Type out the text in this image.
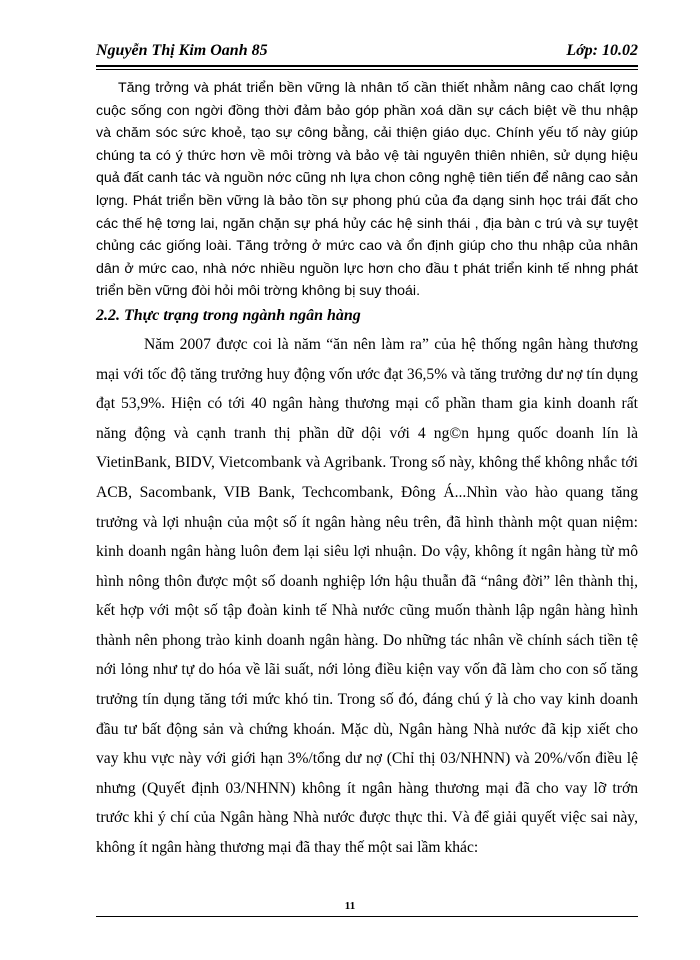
Nguyễn Thị Kim Oanh 85	Lớp: 10.02

Tăng trởng và phát triển bền vững là nhân tố cần thiết nhằm nâng cao chất lợng cuộc sống con ngời đồng thời đảm bảo góp phần xoá dần sự cách biệt về thu nhập và chăm sóc sức khoẻ, tạo sự công bằng, cải thiện giáo dục. Chính yếu tố này giúp chúng ta có ý thức hơn về môi trờng và bảo vệ tài nguyên thiên nhiên, sử dụng hiệu quả đất canh tác và nguồn nớc cũng nh lựa chon công nghệ tiên tiến để nâng cao sản lợng. Phát triển bền vững là bảo tồn sự phong phú của đa dạng sinh học trái đất cho các thế hệ tơng lai, ngăn chặn sự phá hủy các hệ sinh thái , địa bàn c trú và sự tuyệt chủng các giống loài. Tăng trởng ở mức cao và ổn định giúp cho thu nhập của nhân dân ở mức cao, nhà nớc nhiều nguồn lực hơn cho đầu t phát triển kinh tế nhng phát triển bền vững đòi hỏi môi trờng không bị suy thoái.

2.2. Thực trạng trong ngành ngân hàng

Năm 2007 được coi là năm “ăn nên làm ra” của hệ thống ngân hàng thương mại với tốc độ tăng trưởng huy động vốn ước đạt 36,5% và tăng trưởng dư nợ tín dụng đạt 53,9%. Hiện có tới 40 ngân hàng thương mại cổ phần tham gia kinh doanh rất năng động và cạnh tranh thị phần dữ dội với 4 ng©n hµng quốc doanh lín là VietinBank, BIDV, Vietcombank và Agribank. Trong số này, không thể không nhắc tới ACB, Sacombank, VIB Bank, Techcombank, Đông Á...Nhìn vào hào quang tăng trưởng và lợi nhuận của một số ít ngân hàng nêu trên, đã hình thành một quan niệm: kinh doanh ngân hàng luôn đem lại siêu lợi nhuận. Do vậy, không ít ngân hàng từ mô hình nông thôn được một số doanh nghiệp lớn hậu thuẫn đã “nâng đời” lên thành thị, kết hợp với một số tập đoàn kinh tế Nhà nước cũng muốn thành lập ngân hàng hình thành nên phong trào kinh doanh ngân hàng. Do những tác nhân về chính sách tiền tệ nới lỏng như tự do hóa về lãi suất, nới lỏng điều kiện vay vốn đã làm cho con số tăng trưởng tín dụng tăng tới mức khó tin. Trong số đó, đáng chú ý là cho vay kinh doanh đầu tư bất động sản và chứng khoán. Mặc dù, Ngân hàng Nhà nước đã kịp xiết cho vay khu vực này với giới hạn 3%/tổng dư nợ (Chỉ thị 03/NHNN) và 20%/vốn điều lệ nhưng (Quyết định 03/NHNN) không ít ngân hàng thương mại đã cho vay lỡ trớn trước khi ý chí của Ngân hàng Nhà nước được thực thi. Và để giải quyết việc sai này, không ít ngân hàng thương mại đã thay thế một sai lầm khác:

11
